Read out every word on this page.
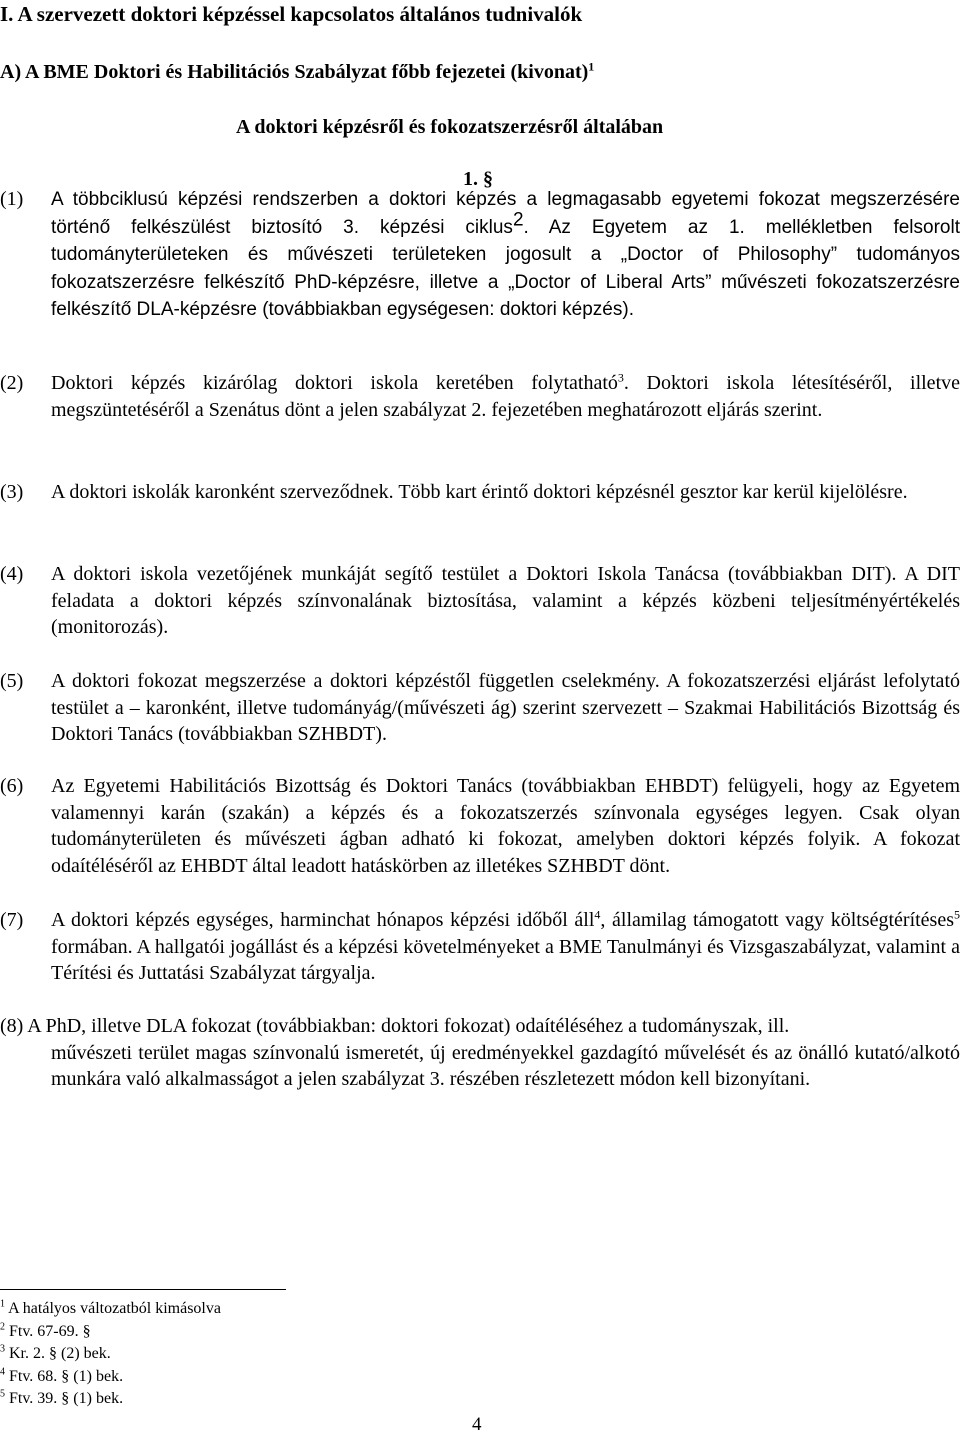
I. A szervezett doktori képzéssel kapcsolatos általános tudnivalók
A) A BME Doktori és Habilitációs Szabályzat főbb fejezetei (kivonat)$^1$
A doktori képzésről és fokozatszerzésről általában
1. §
(1) A többciklusú képzési rendszerben a doktori képzés a legmagasabb egyetemi fokozat megszerzésére történő felkészülést biztosító 3. képzési ciklus$^2$. Az Egyetem az 1. mellékletben felsorolt tudományterületeken és művészeti területeken jogosult a „Doctor of Philosophy” tudományos fokozatszerzésre felkészítő PhD-képzésre, illetve a „Doctor of Liberal Arts” művészeti fokozatszerzésre felkészítő DLA-képzésre (továbbiakban egységesen: doktori képzés).
(2) Doktori képzés kizárólag doktori iskola keretében folytatható$^3$. Doktori iskola létesítéséről, illetve megszüntetéséről a Szenátus dönt a jelen szabályzat 2. fejezetében meghatározott eljárás szerint.
(3) A doktori iskolák karonként szerveződnek. Több kart érintő doktori képzésnél gesztor kar kerül kijelölésre.
(4) A doktori iskola vezetőjének munkáját segítő testület a Doktori Iskola Tanácsa (továbbiakban DIT). A DIT feladata a doktori képzés színvonalának biztosítása, valamint a képzés közbeni teljesítményértékelés (monitorozás).
(5) A doktori fokozat megszerzése a doktori képzéstől független cselekmény. A fokozatszerzési eljárást lefolytató testület a – karonként, illetve tudományág/(művészeti ág) szerint szervezett – Szakmai Habilitációs Bizottság és Doktori Tanács (továbbiakban SZHBDT).
(6) Az Egyetemi Habilitációs Bizottság és Doktori Tanács (továbbiakban EHBDT) felügyeli, hogy az Egyetem valamennyi karán (szakán) a képzés és a fokozatszerzés színvonala egységes legyen. Csak olyan tudományterületen és művészeti ágban adható ki fokozat, amelyben doktori képzés folyik. A fokozat odaítéléséről az EHBDT által leadott hatáskörben az illetékes SZHBDT dönt.
(7) A doktori képzés egységes, harminchat hónapos képzési időből áll$^4$, államilag támogatott vagy költségtérítéses$^5$ formában. A hallgatói jogállást és a képzési követelményeket a BME Tanulmányi és Vizsgaszabályzat, valamint a Térítési és Juttatási Szabályzat tárgyalja.
(8) A PhD, illetve DLA fokozat (továbbiakban: doktori fokozat) odaítéléséhez a tudományszak, ill.
művészeti terület magas színvonalú ismeretét, új eredményekkel gazdagító művelését és az önálló kutató/alkotó munkára való alkalmasságot a jelen szabályzat 3. részében részletezett módon kell bizonyítani.
$^1$ A hatályos változatból kimásolva
$^2$ Ftv. 67-69. §
$^3$ Kr. 2. § (2) bek.
$^4$ Ftv. 68. § (1) bek.
$^5$ Ftv. 39. § (1) bek.
4
